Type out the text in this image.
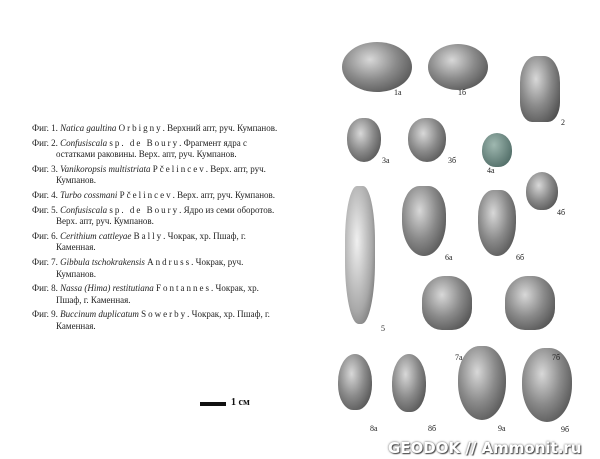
Фиг. 1. Natica gaultina Orbigny. Верхний апт, руч. Кумпанов.
Фиг. 2. Confusiscala sp. de Boury. Фрагмент ядра с остатками раковины. Верх. апт, руч. Кумпанов.
Фиг. 3. Vanikoropsis multistriata Pčelincev. Верх. апт, руч. Кумпанов.
Фиг. 4. Turbo cossmani Pčelincev. Верх. апт, руч. Кумпанов.
Фиг. 5. Confusiscala sp. de Boury. Ядро из семи оборотов. Верх. апт, руч. Кумпанов.
Фиг. 6. Cerithium cattleyae Bally. Чокрак, хр. Пшаф, г. Каменная.
Фиг. 7. Gibbula tschokrakensis Andruss. Чокрак, руч. Кумпанов.
Фиг. 8. Nassa (Hima) restitutiana Fontannes. Чокрак, хр. Пшаф, г. Каменная.
Фиг. 9. Buccinum duplicatum Sowerby. Чокрак, хр. Пшаф, г. Каменная.
1 см
1а	1б
2
3а	3б
4а
4б
5
6а	6б
7а	7б
8а	8б	9а	9б
GEODOK // Ammonit.ru
